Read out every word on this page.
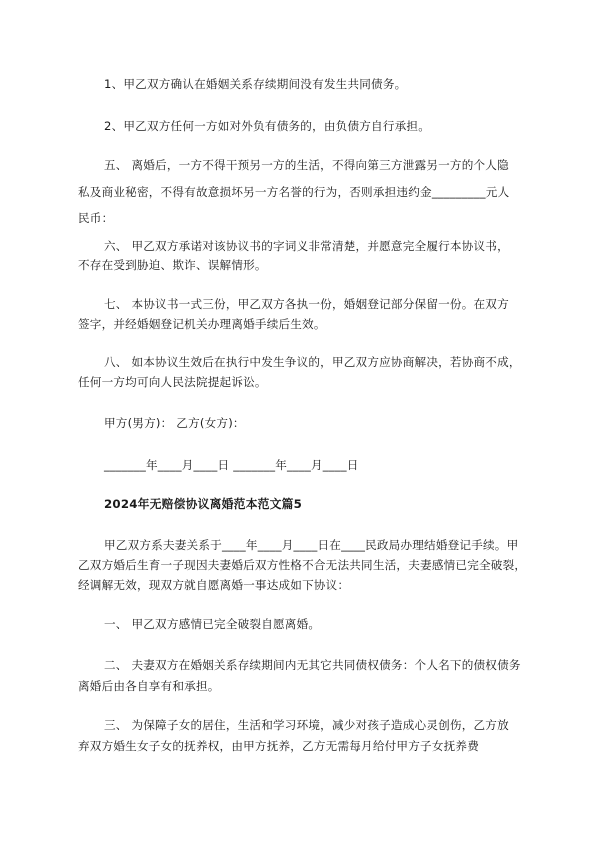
1、甲乙双方确认在婚姻关系存续期间没有发生共同债务。
2、甲乙双方任何一方如对外负有债务的，由负债方自行承担。
五、 离婚后，一方不得干预另一方的生活，不得向第三方泄露另一方的个人隐
私及商业秘密，不得有故意损坏另一方名誉的行为，否则承担违约金_________元人
民币：
六、 甲乙双方承诺对该协议书的字词义非常清楚，并愿意完全履行本协议书，
不存在受到胁迫、欺诈、误解情形。
七、 本协议书一式三份，甲乙双方各执一份，婚姻登记部分保留一份。在双方
签字，并经婚姻登记机关办理离婚手续后生效。
八、 如本协议生效后在执行中发生争议的，甲乙双方应协商解决，若协商不成，
任何一方均可向人民法院提起诉讼。
甲方(男方)： 乙方(女方)：
_______年____月____日 _______年____月____日
2024年无赔偿协议离婚范本范文篇5
甲乙双方系夫妻关系于____年____月____日在____民政局办理结婚登记手续。甲
乙双方婚后生育一子现因夫妻婚后双方性格不合无法共同生活，夫妻感情已完全破裂，
经调解无效，现双方就自愿离婚一事达成如下协议：
一、 甲乙双方感情已完全破裂自愿离婚。
二、 夫妻双方在婚姻关系存续期间内无其它共同债权债务：个人名下的债权债务
离婚后由各自享有和承担。
三、 为保障子女的居住，生活和学习环境，减少对孩子造成心灵创伤，乙方放
弃双方婚生女子女的抚养权，由甲方抚养，乙方无需每月给付甲方子女抚养费
